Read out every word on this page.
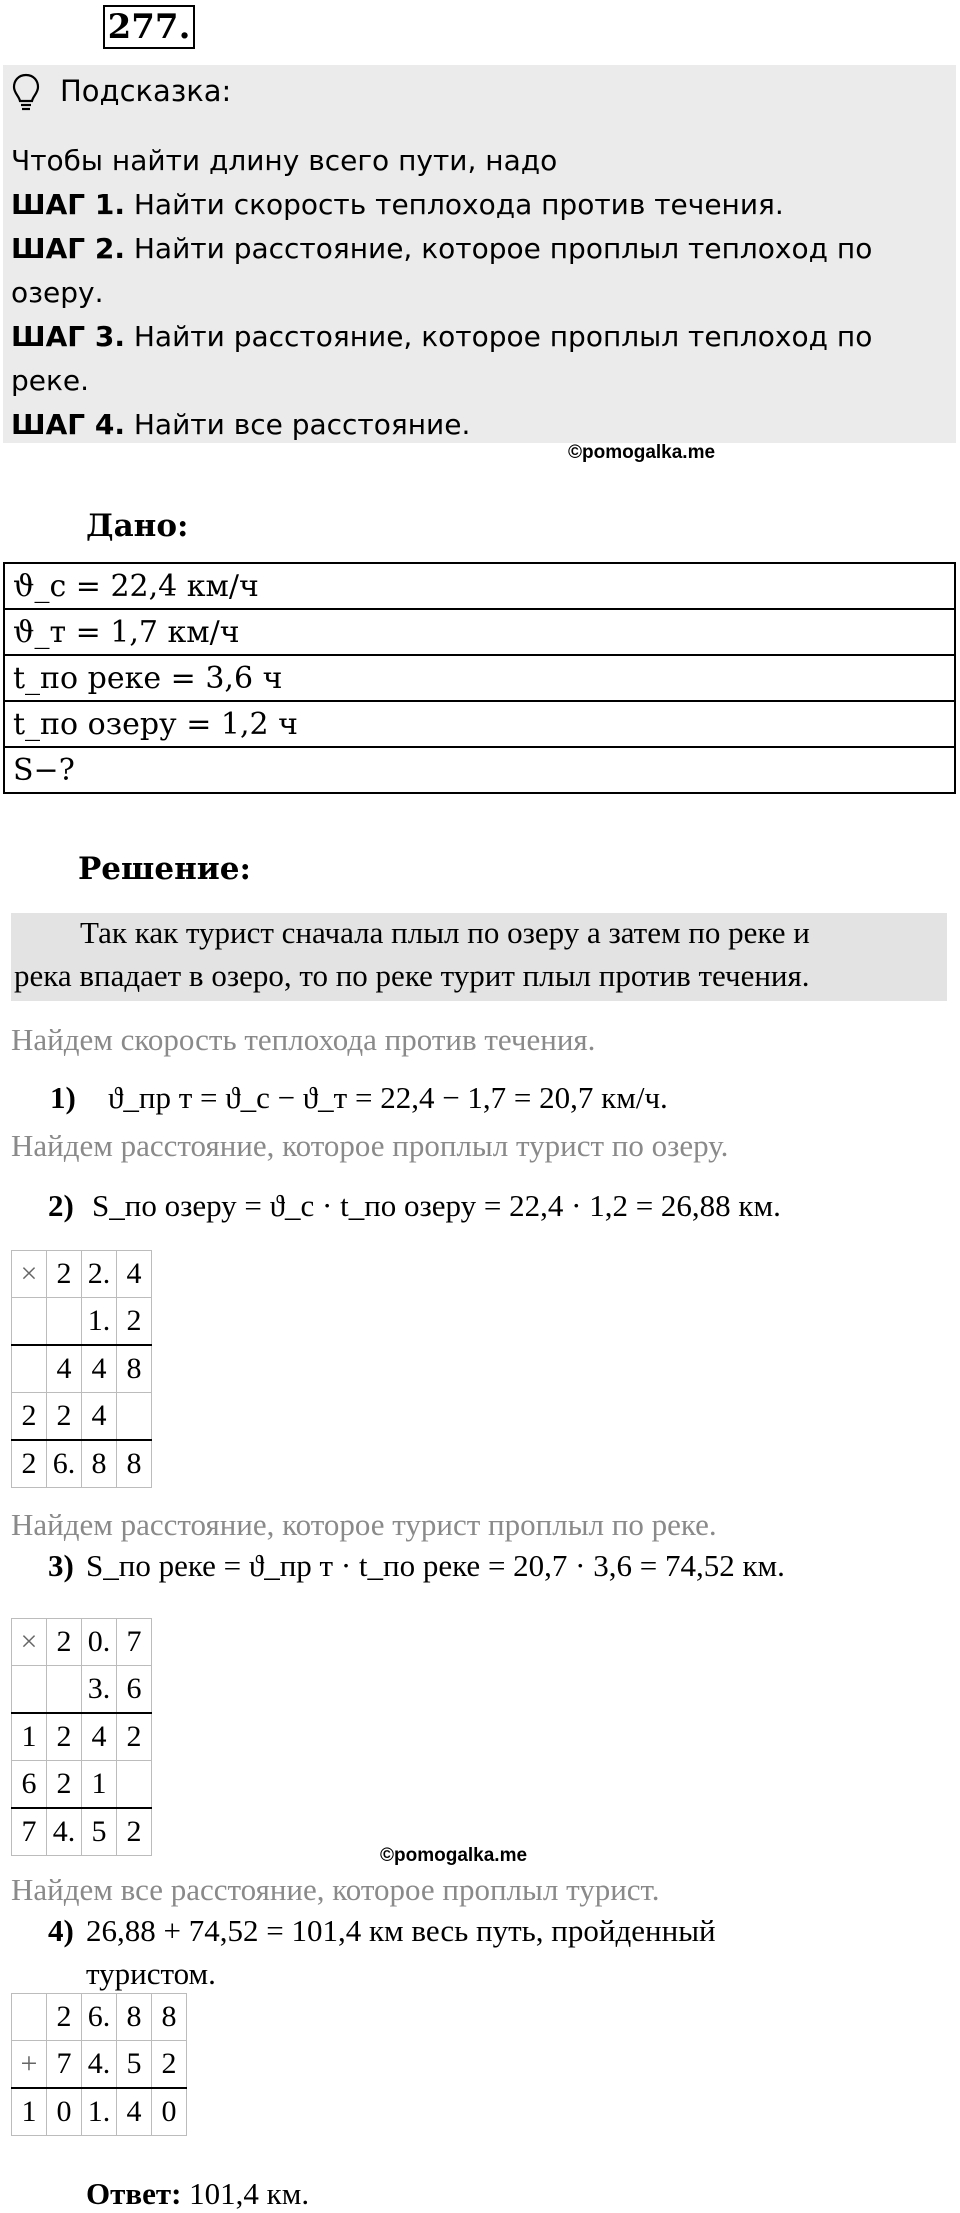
277.
Подсказка:
Чтобы найти длину всего пути, надо
ШАГ 1. Найти скорость теплохода против течения.
ШАГ 2. Найти расстояние, которое проплыл теплоход по
озеру.
ШАГ 3. Найти расстояние, которое проплыл теплоход по
реке.
ШАГ 4. Найти все расстояние.
©pomogalka.me
Дано:
ϑ_с = 22,4 км/ч
ϑ_т = 1,7 км/ч
t_по реке = 3,6 ч
t_по озеру = 1,2 ч
S−?
Решение:
Так как турист сначала плыл по озеру а затем по реке и
река впадает в озеро, то по реке турит плыл против течения.
Найдем скорость теплохода против течения.
1) ϑ_пр т = ϑ_с − ϑ_т = 22,4 − 1,7 = 20,7 км/ч.
Найдем расстояние, которое проплыл турист по озеру.
2) S_по озеру = ϑ_с · t_по озеру = 22,4 · 1,2 = 26,88 км.
×	2	2.	4
		1.	2
	4	4	8
2	2	4	
2	6.	8	8
Найдем расстояние, которое турист проплыл по реке.
3) S_по реке = ϑ_пр т · t_по реке = 20,7 · 3,6 = 74,52 км.
×	2	0.	7
		3.	6
1	2	4	2
6	2	1	
7	4.	5	2
©pomogalka.me
Найдем все расстояние, которое проплыл турист.
4) 26,88 + 74,52 = 101,4 км весь путь, пройденный
туристом.
	2	6.	8	8
+	7	4.	5	2
1	0	1.	4	0
Ответ: 101,4 км.
